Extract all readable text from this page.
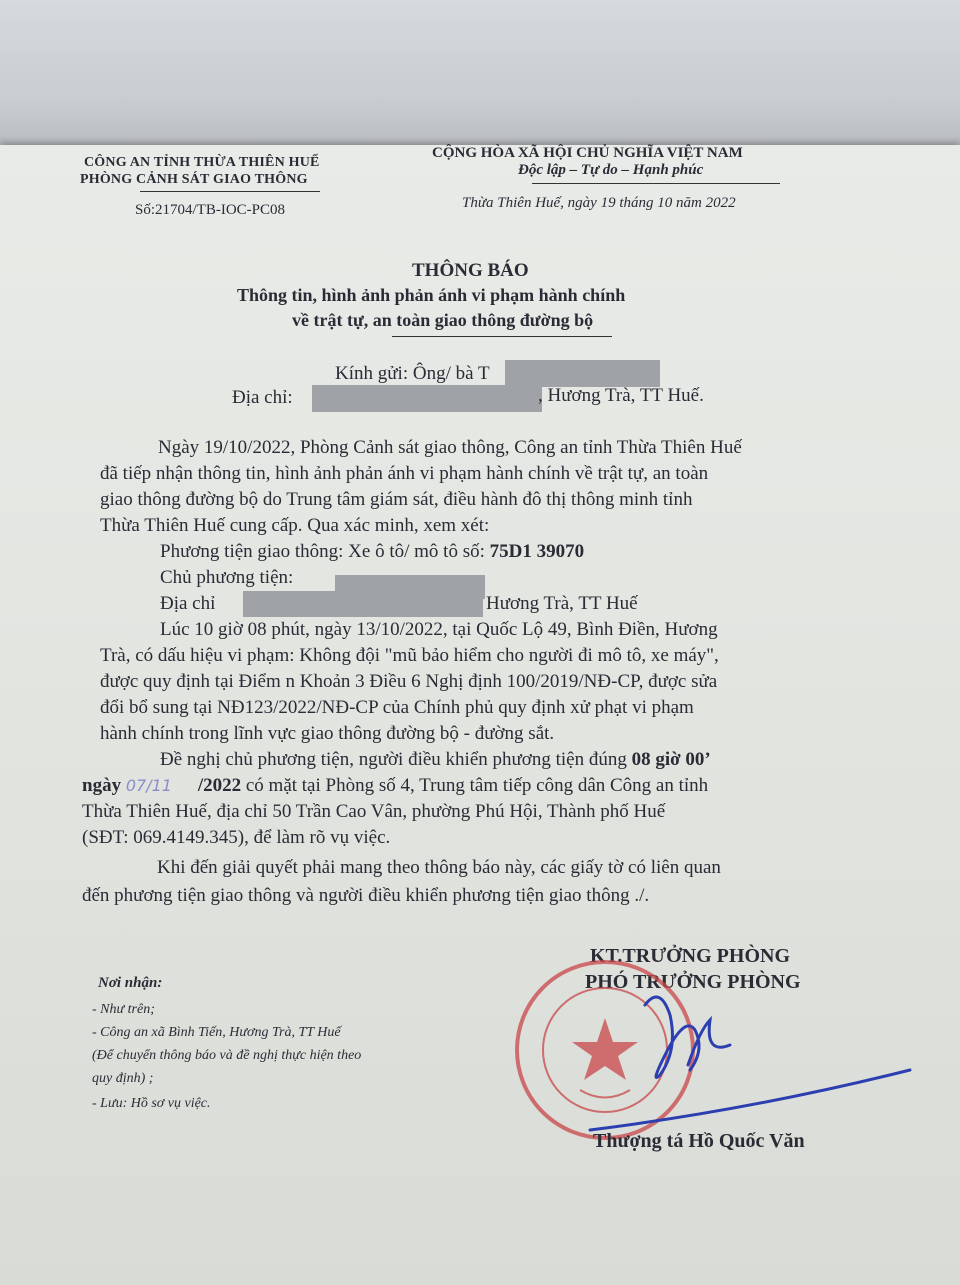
CÔNG AN TỈNH THỪA THIÊN HUẾ
PHÒNG CẢNH SÁT GIAO THÔNG
Số:21704/TB-IOC-PC08
CỘNG HÒA XÃ HỘI CHỦ NGHĨA VIỆT NAM
Độc lập – Tự do – Hạnh phúc
Thừa Thiên Huế, ngày 19 tháng 10 năm 2022
THÔNG BÁO
Thông tin, hình ảnh phản ánh vi phạm hành chính
về trật tự, an toàn giao thông đường bộ
Kính gửi: Ông/ bà T
Địa chỉ:	, Hương Trà, TT Huế.
Ngày 19/10/2022, Phòng Cảnh sát giao thông, Công an tỉnh Thừa Thiên Huế
đã tiếp nhận thông tin, hình ảnh phản ánh vi phạm hành chính về trật tự, an toàn
giao thông đường bộ do Trung tâm giám sát, điều hành đô thị thông minh tỉnh
Thừa Thiên Huế cung cấp. Qua xác minh, xem xét:
Phương tiện giao thông: Xe ô tô/ mô tô số: 75D1 39070
Chủ phương tiện:
Địa chỉ	Hương Trà, TT Huế
Lúc 10 giờ 08 phút, ngày 13/10/2022, tại Quốc Lộ 49, Bình Điền, Hương
Trà, có dấu hiệu vi phạm: Không đội "mũ bảo hiểm cho người đi mô tô, xe máy",
được quy định tại Điểm n Khoản 3 Điều 6 Nghị định 100/2019/NĐ-CP, được sửa
đổi bổ sung tại NĐ123/2022/NĐ-CP của Chính phủ quy định xử phạt vi phạm
hành chính trong lĩnh vực giao thông đường bộ - đường sắt.
Đề nghị chủ phương tiện, người điều khiển phương tiện đúng 08 giờ 00’
ngày 07/11 /2022 có mặt tại Phòng số 4, Trung tâm tiếp công dân Công an tỉnh
Thừa Thiên Huế, địa chỉ 50 Trần Cao Vân, phường Phú Hội, Thành phố Huế
(SĐT: 069.4149.345), để làm rõ vụ việc.
Khi đến giải quyết phải mang theo thông báo này, các giấy tờ có liên quan
đến phương tiện giao thông và người điều khiển phương tiện giao thông ./.
Nơi nhận:
- Như trên;
- Công an xã Bình Tiến, Hương Trà, TT Huế
(Để chuyển thông báo và đề nghị thực hiện theo
quy định) ;
- Lưu: Hồ sơ vụ việc.
KT.TRƯỞNG PHÒNG
PHÓ TRƯỞNG PHÒNG
Thượng tá Hồ Quốc Văn
